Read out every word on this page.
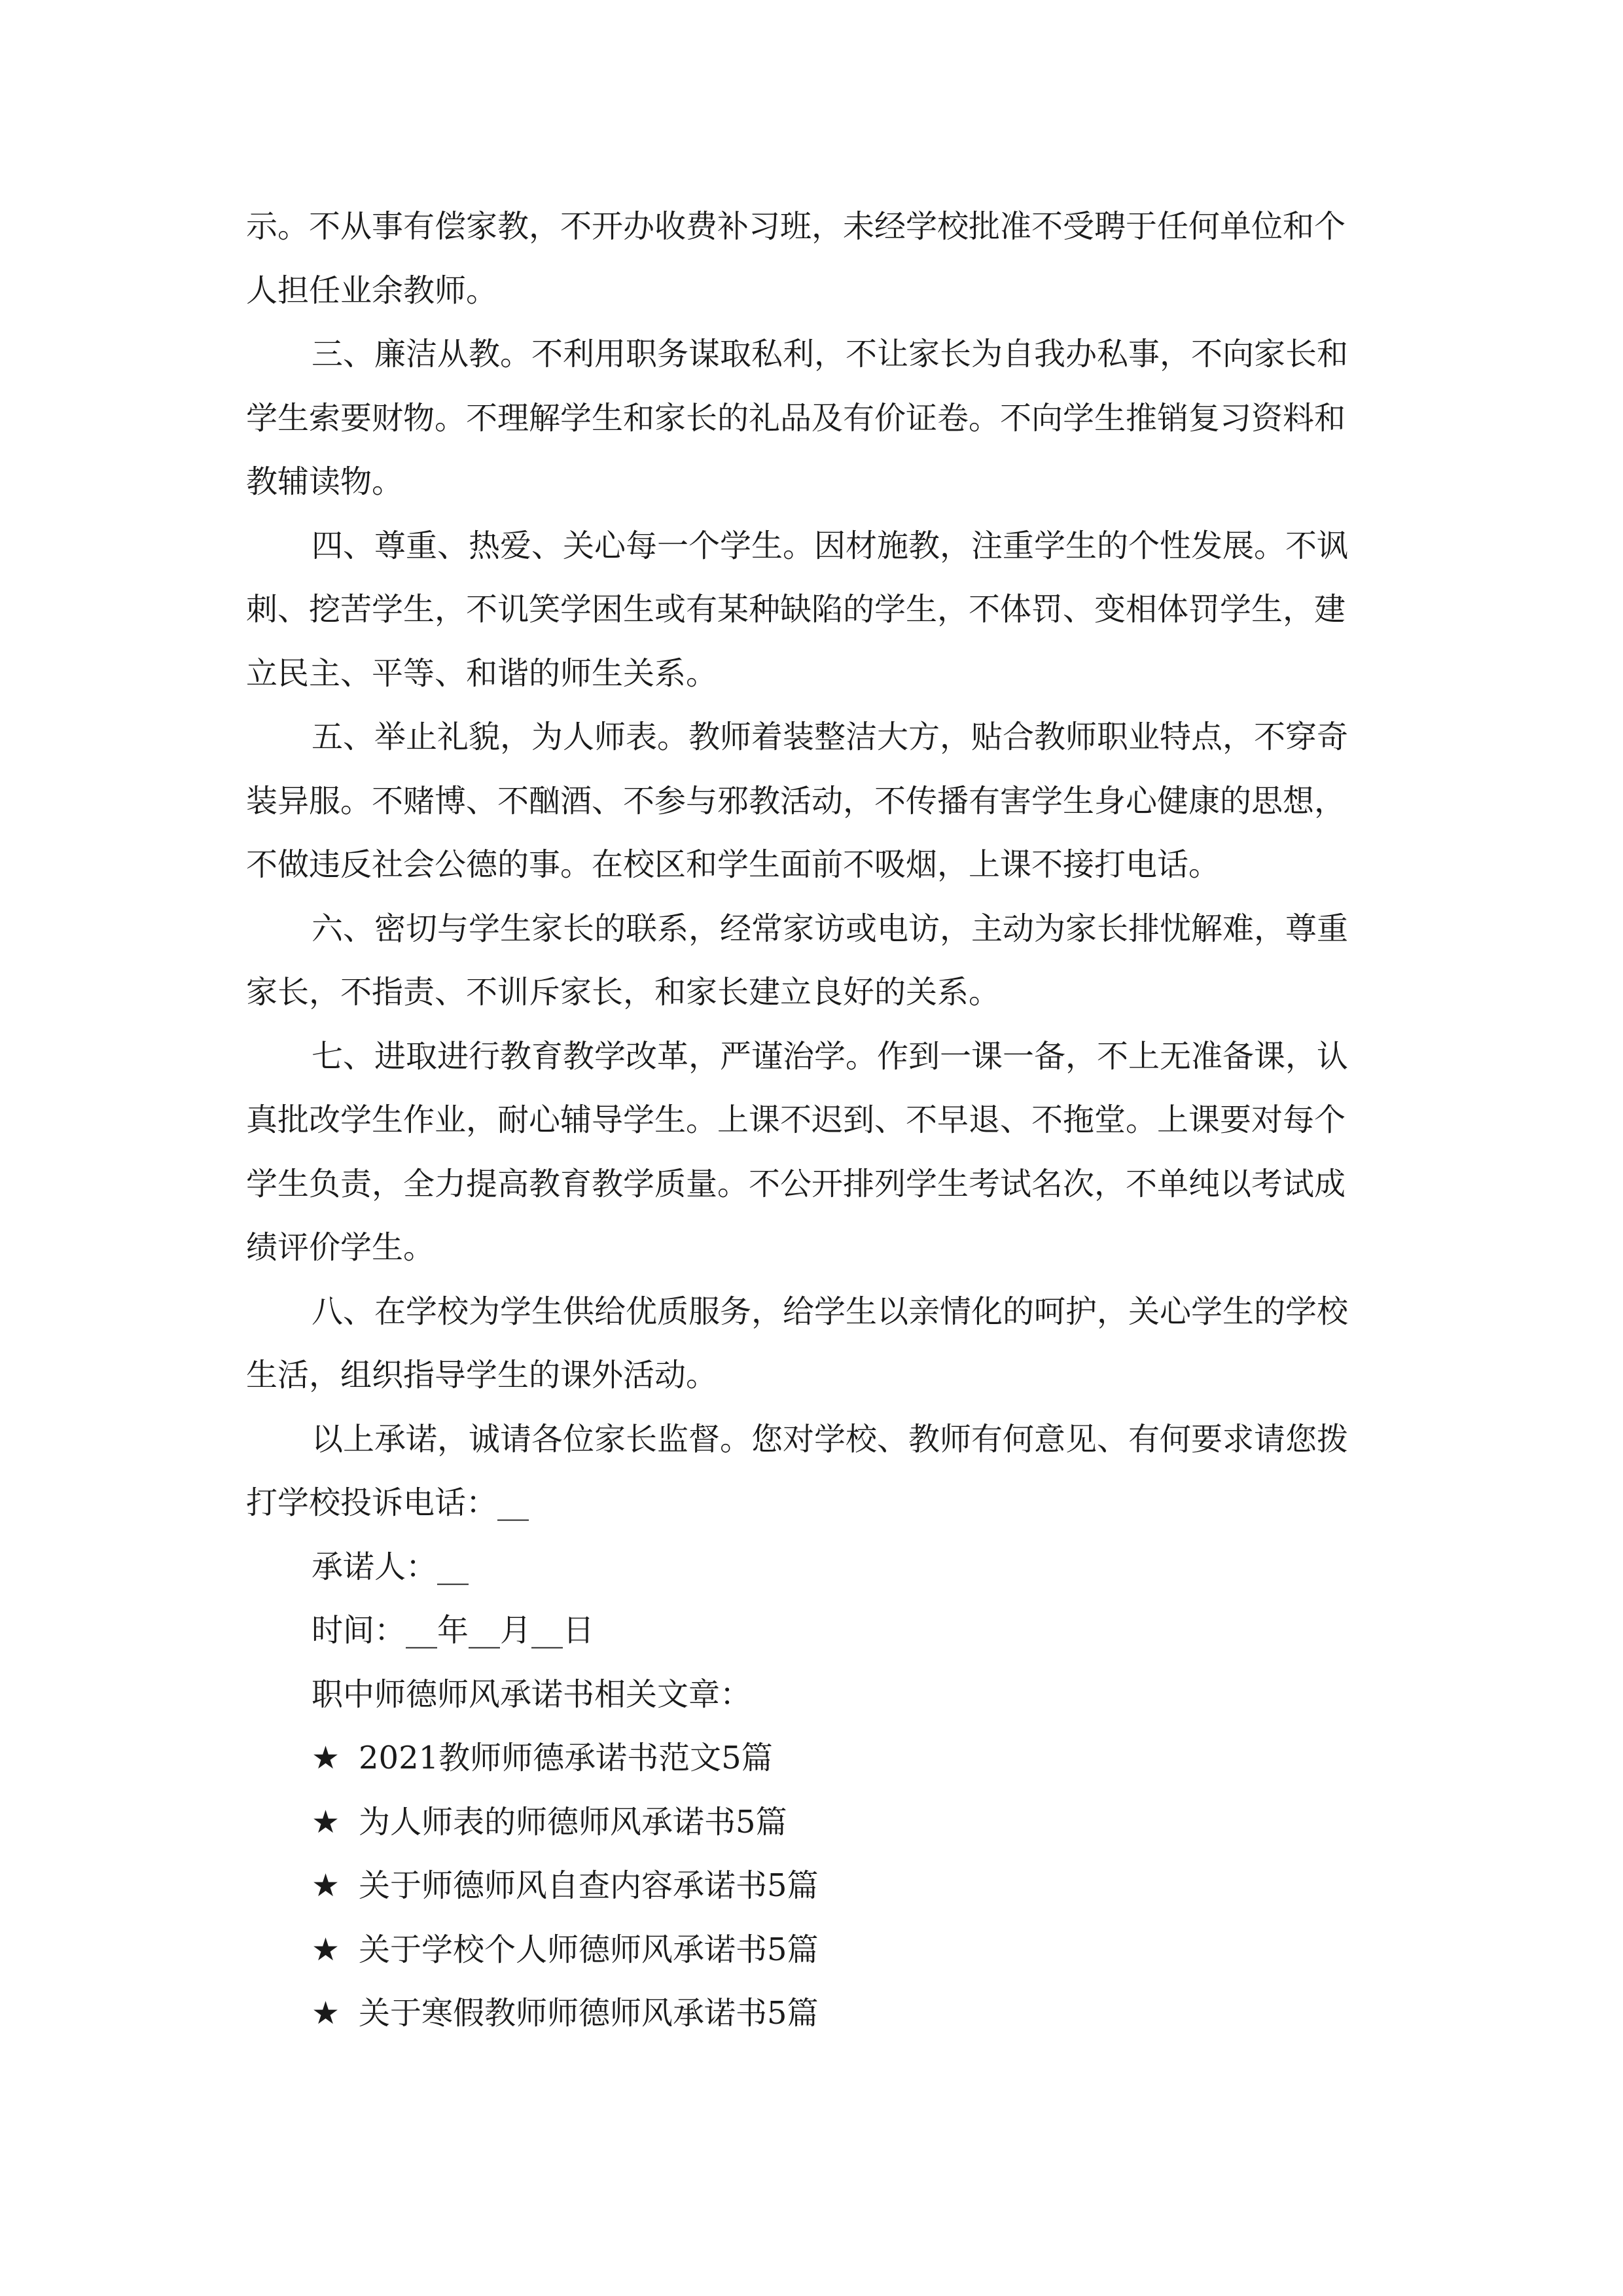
示。不从事有偿家教，不开办收费补习班，未经学校批准不受聘于任何单位和个
人担任业余教师。
三、廉洁从教。不利用职务谋取私利，不让家长为自我办私事，不向家长和
学生索要财物。不理解学生和家长的礼品及有价证卷。不向学生推销复习资料和
教辅读物。
四、尊重、热爱、关心每一个学生。因材施教，注重学生的个性发展。不讽
刺、挖苦学生，不讥笑学困生或有某种缺陷的学生，不体罚、变相体罚学生，建
立民主、平等、和谐的师生关系。
五、举止礼貌，为人师表。教师着装整洁大方，贴合教师职业特点，不穿奇
装异服。不赌博、不酗酒、不参与邪教活动，不传播有害学生身心健康的思想，
不做违反社会公德的事。在校区和学生面前不吸烟，上课不接打电话。
六、密切与学生家长的联系，经常家访或电访，主动为家长排忧解难，尊重
家长，不指责、不训斥家长，和家长建立良好的关系。
七、进取进行教育教学改革，严谨治学。作到一课一备，不上无准备课，认
真批改学生作业，耐心辅导学生。上课不迟到、不早退、不拖堂。上课要对每个
学生负责，全力提高教育教学质量。不公开排列学生考试名次，不单纯以考试成
绩评价学生。
八、在学校为学生供给优质服务，给学生以亲情化的呵护，关心学生的学校
生活，组织指导学生的课外活动。
以上承诺，诚请各位家长监督。您对学校、教师有何意见、有何要求请您拨
打学校投诉电话：__
承诺人：__
时间：__年__月__日
职中师德师风承诺书相关文章：
★ 2021教师师德承诺书范文5篇
★ 为人师表的师德师风承诺书5篇
★ 关于师德师风自查内容承诺书5篇
★ 关于学校个人师德师风承诺书5篇
★ 关于寒假教师师德师风承诺书5篇
